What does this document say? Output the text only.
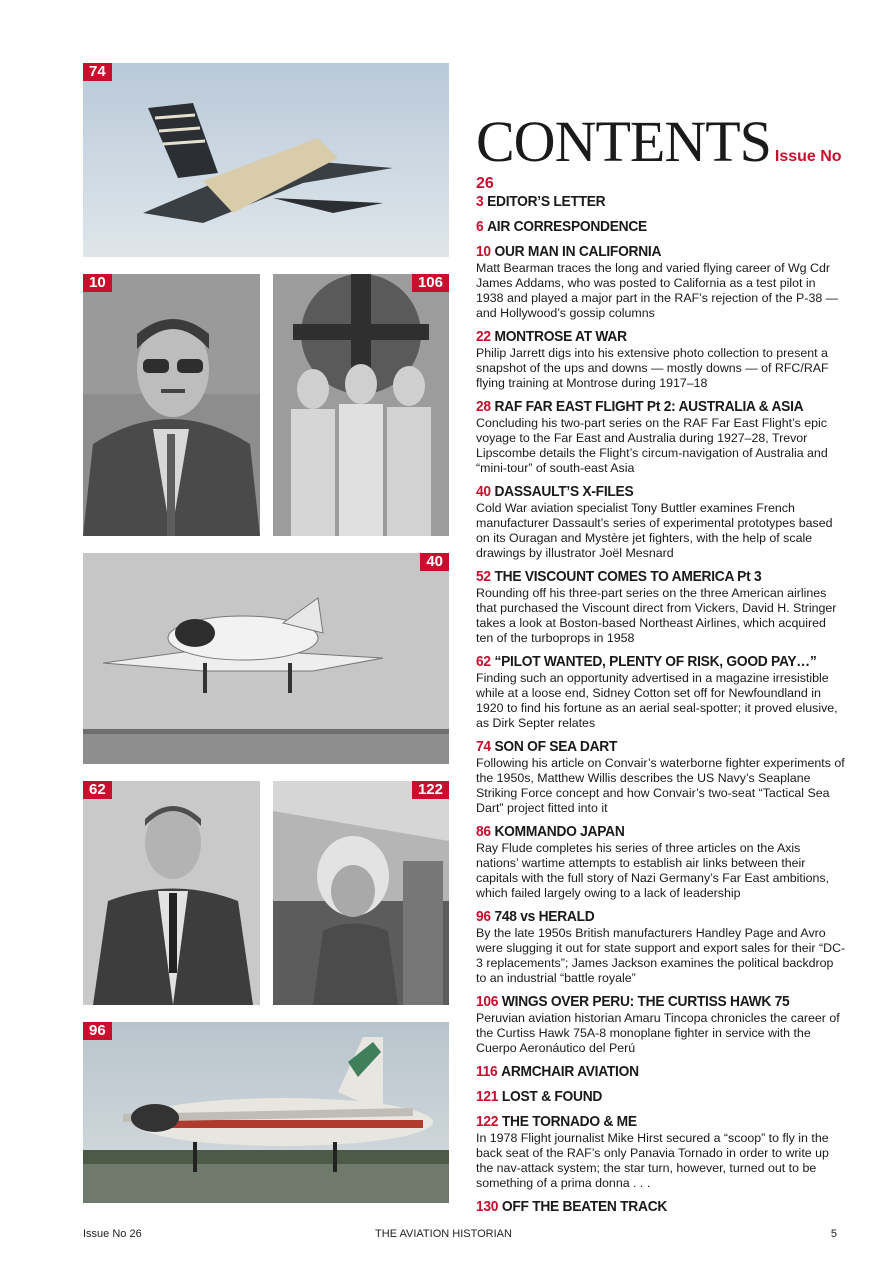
74
10	106
40
62	122
96
CONTENTS Issue No 26
3 EDITOR’S LETTER
6 AIR CORRESPONDENCE
10 OUR MAN IN CALIFORNIA
Matt Bearman traces the long and varied flying career of Wg Cdr James Addams, who was posted to California as a test pilot in 1938 and played a major part in the RAF’s rejection of the P-38 — and Hollywood’s gossip columns
22 MONTROSE AT WAR
Philip Jarrett digs into his extensive photo collection to present a snapshot of the ups and downs — mostly downs — of RFC/RAF flying training at Montrose during 1917–18
28 RAF FAR EAST FLIGHT Pt 2: AUSTRALIA & ASIA
Concluding his two-part series on the RAF Far East Flight’s epic voyage to the Far East and Australia during 1927–28, Trevor Lipscombe details the Flight’s circum-navigation of Australia and “mini-tour” of south-east Asia
40 DASSAULT’S X-FILES
Cold War aviation specialist Tony Buttler examines French manufacturer Dassault’s series of experimental prototypes based on its Ouragan and Mystère jet fighters, with the help of scale drawings by illustrator Joël Mesnard
52 THE VISCOUNT COMES TO AMERICA Pt 3
Rounding off his three-part series on the three American airlines that purchased the Viscount direct from Vickers, David H. Stringer takes a look at Boston-based Northeast Airlines, which acquired ten of the turboprops in 1958
62 “PILOT WANTED, PLENTY OF RISK, GOOD PAY…”
Finding such an opportunity advertised in a magazine irresistible while at a loose end, Sidney Cotton set off for Newfoundland in 1920 to find his fortune as an aerial seal-spotter; it proved elusive, as Dirk Septer relates
74 SON OF SEA DART
Following his article on Convair’s waterborne fighter experiments of the 1950s, Matthew Willis describes the US Navy’s Seaplane Striking Force concept and how Convair’s two-seat “Tactical Sea Dart” project fitted into it
86 KOMMANDO JAPAN
Ray Flude completes his series of three articles on the Axis nations’ wartime attempts to establish air links between their capitals with the full story of Nazi Germany’s Far East ambitions, which failed largely owing to a lack of leadership
96 748 vs HERALD
By the late 1950s British manufacturers Handley Page and Avro were slugging it out for state support and export sales for their “DC-3 replacements”; James Jackson examines the political backdrop to an industrial “battle royale”
106 WINGS OVER PERU: THE CURTISS HAWK 75
Peruvian aviation historian Amaru Tincopa chronicles the career of the Curtiss Hawk 75A-8 monoplane fighter in service with the Cuerpo Aeronáutico del Perú
116 ARMCHAIR AVIATION
121 LOST & FOUND
122 THE TORNADO & ME
In 1978 Flight journalist Mike Hirst secured a “scoop” to fly in the back seat of the RAF’s only Panavia Tornado in order to write up the nav-attack system; the star turn, however, turned out to be something of a prima donna . . .
130 OFF THE BEATEN TRACK
Issue No 26	THE AVIATION HISTORIAN	5
